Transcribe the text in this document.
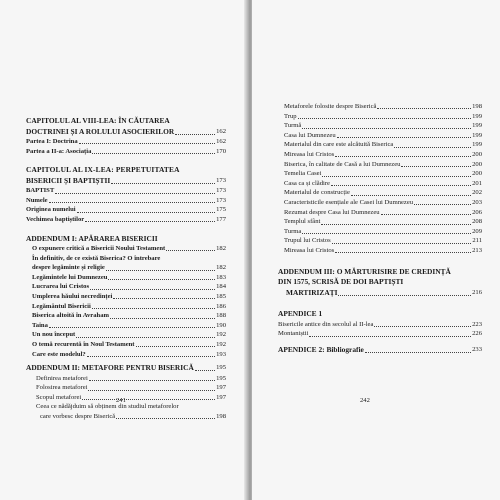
CAPITOLUL AL VIII-LEA: ÎN CĂUTAREA
DOCTRINEI ȘI A ROLULUI ASOCIERILOR	162
Partea I: Doctrina	162
Partea a II-a: Asociația	170
CAPITOLUL AL IX-LEA: PERPETUITATEA
BISERICII ȘI BAPTIȘTII	173
BAPTIST	173
Numele	173
Originea numelui	175
Vechimea baptiștilor	177
ADDENDUM I: APĂRAREA BISERICII
O expunere critică a Bisericii Noului Testament	182
În definitiv, de ce există Biserica? O întrebare
despre legăminte și religie	182
Legămintele lui Dumnezeu	183
Lucrarea lui Cristos	184
Umplerea hăului necredinței	185
Legământul Bisericii	186
Biserica altoită în Avraham	188
Taina	190
Un nou început	192
O temă recurentă în Noul Testament	192
Care este modelul?	193
ADDENDUM II: METAFORE PENTRU BISERICĂ	195
Definirea metaforei	195
Folosirea metaforei	197
Scopul metaforei	197
Ceea ce nădăjduim să obținem din studiul metaforelor
care vorbesc despre Biserică	198
241
Metaforele folosite despre Biserică	198
Trup	199
Turmă	199
Casa lui Dumnezeu	199
Materialul din care este alcătuită Biserica	199
Mireasa lui Cristos	200
Biserica, în calitate de Casă a lui Dumnezeu	200
Temelia Casei	200
Casa ca și clădire	201
Materialul de construcție	202
Caracteristicile esențiale ale Casei lui Dumnezeu	203
Rezumat despre Casa lui Dumnezeu	206
Templul sfânt	208
Turma	209
Trupul lui Cristos	211
Mireasa lui Cristos	213
ADDENDUM III: O MĂRTURISIRE DE CREDINȚĂ
DIN 1575, SCRISĂ DE DOI BAPTIȘTI
MARTIRIZAȚI	216
APENDICE 1
Bisericile antice din secolul al II-lea	223
Montaniștii	226
APENDICE 2: Bibliografie	233
242
